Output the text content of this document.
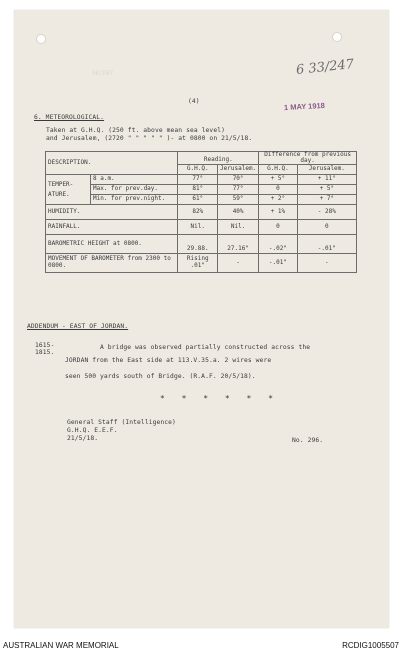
SECRET	6 33/247
1 MAY 1918
(4)
6. METEOROLOGICAL.
Taken at G.H.Q. (250 ft. above mean sea level)
and Jerusalem, (2720 " " " " " )- at 0800 on 21/5/18.
DESCRIPTION.		Reading.		Difference from previous day.	
		G.H.Q.	Jerusalem.	G.H.Q.	Jerusalem.
TEMPER- ATURE.	8 a.m.	77°	70°	+ 5°	+ 11°
	Max. for prev.day.	81°	77°	0	+ 5°
	Min. for prev.night.	61°	59°	+ 2°	+ 7°
HUMIDITY.		82%	40%	+ 1%	- 28%
RAINFALL.		Nil.	Nil.	0	0
BAROMETRIC HEIGHT at 0800.		29.88.	27.16"	-.02"	-.01"
MOVEMENT OF BAROMETER from 2300 to 0800.		Rising .01"	-	-.01"	-
ADDENDUM - EAST OF JORDAN.
1615- 1815.
A bridge was observed partially constructed across the
JORDAN from the East side at 113.V.35.a. 2 wires were
seen 500 yards south of Bridge. (R.A.F. 20/5/18).
* * * * * *
General Staff (Intelligence)
G.H.Q. E.E.F.
21/5/18.	No. 296.
AUSTRALIAN WAR MEMORIAL	RCDIG1005507
